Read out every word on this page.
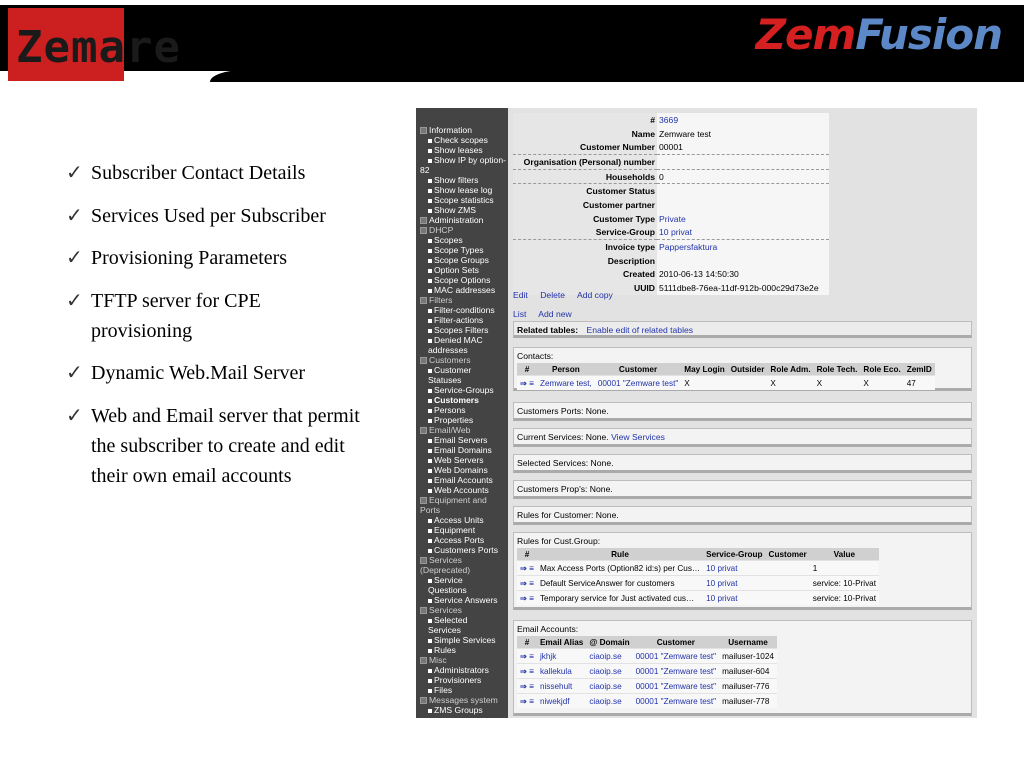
Zemare	ZemFusion
✓ Subscriber Contact Details
✓ Services Used per Subscriber
✓ Provisioning Parameters
✓ TFTP server for CPE
provisioning
✓ Dynamic Web.Mail Server
✓ Web and Email server that permit
the subscriber to create and edit
their own email accounts
Information
Check scopes
Show leases
Show IP by option-
82
Show filters
Show lease log
Scope statistics
Show ZMS
Administration
DHCP
Scopes
Scope Types
Scope Groups
Option Sets
Scope Options
MAC addresses
Filters
Filter-conditions
Filter-actions
Scopes Filters
Denied MAC
addresses
Customers
Customer
Statuses
Service-Groups
Customers
Persons
Properties
Email/Web
Email Servers
Email Domains
Web Servers
Web Domains
Email Accounts
Web Accounts
Equipment and
Ports
Access Units
Equipment
Access Ports
Customers Ports
Services
(Deprecated)
Service
Questions
Service Answers
Services
Selected
Services
Simple Services
Rules
Misc
Administrators
Provisioners
Files
Messages system
ZMS Groups
#	3669
Name	Zemware test
Customer Number	00001
Organisation (Personal) number	
Households	0
Customer Status	
Customer partner	
Customer Type	Private
Service-Group	10 privat
Invoice type	Pappersfaktura
Description	
Created	2010-06-13 14:50:30
UUID	5111dbe8-76ea-11df-912b-000c29d73e2e
Edit Delete Add copy
List Add new
Related tables: Enable edit of related tables
Contacts:
#	Person	Customer	May Login	Outsider	Role Adm.	Role Tech.	Role Eco.	ZemID
⇒ ≡	Zemware test,	00001 "Zemware test"	X		X	X	X	47
Customers Ports: None.
Current Services: None. View Services
Selected Services: None.
Customers Prop's: None.
Rules for Customer: None.
Rules for Cust.Group:
#	Rule	Service-Group	Customer	Value
⇒ ≡	Max Access Ports (Option82 id:s) per Cus…	10 privat		1
⇒ ≡	Default ServiceAnswer for customers	10 privat		service: 10-Privat
⇒ ≡	Temporary service for Just activated cus…	10 privat		service: 10-Privat
Email Accounts:
#	Email Alias	@ Domain	Customer	Username
⇒ ≡	jkhjk	ciaoip.se	00001 "Zemware test"	mailuser-1024
⇒ ≡	kallekula	ciaoip.se	00001 "Zemware test"	mailuser-604
⇒ ≡	nissehult	ciaoip.se	00001 "Zemware test"	mailuser-776
⇒ ≡	niwekjdf	ciaoip.se	00001 "Zemware test"	mailuser-778
